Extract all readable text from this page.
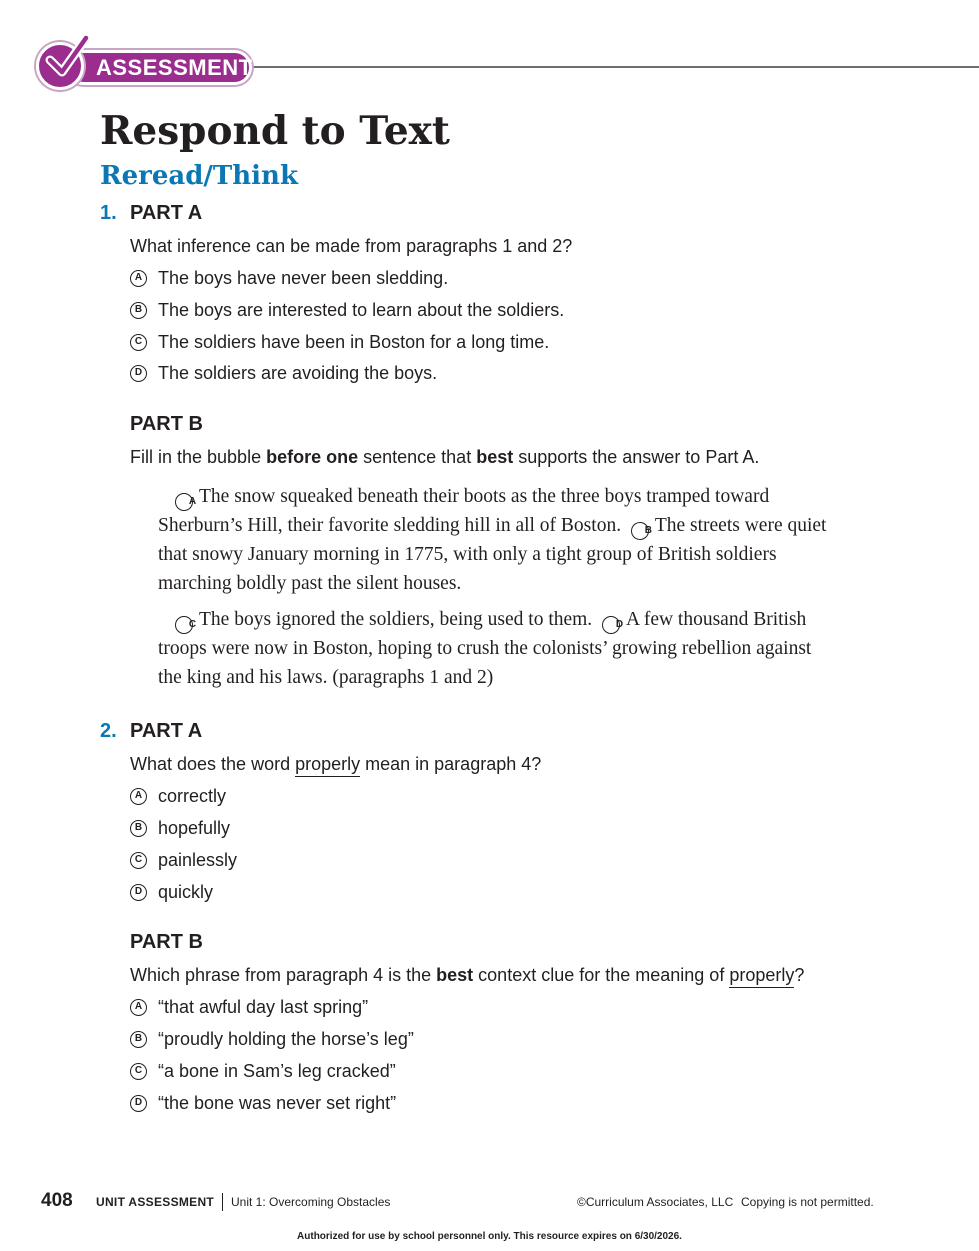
ASSESSMENT
Respond to Text
Reread/Think
1. PART A
What inference can be made from paragraphs 1 and 2?
A The boys have never been sledding.
B The boys are interested to learn about the soldiers.
C The soldiers have been in Boston for a long time.
D The soldiers are avoiding the boys.
PART B
Fill in the bubble before one sentence that best supports the answer to Part A.
A The snow squeaked beneath their boots as the three boys tramped toward Sherburn’s Hill, their favorite sledding hill in all of Boston. B The streets were quiet that snowy January morning in 1775, with only a tight group of British soldiers marching boldly past the silent houses.
C The boys ignored the soldiers, being used to them. D A few thousand British troops were now in Boston, hoping to crush the colonists’ growing rebellion against the king and his laws. (paragraphs 1 and 2)
2. PART A
What does the word properly mean in paragraph 4?
A correctly
B hopefully
C painlessly
D quickly
PART B
Which phrase from paragraph 4 is the best context clue for the meaning of properly?
A “that awful day last spring”
B “proudly holding the horse’s leg”
C “a bone in Sam’s leg cracked”
D “the bone was never set right”
408 UNIT ASSESSMENT Unit 1: Overcoming Obstacles	©Curriculum Associates, LLC Copying is not permitted.
Authorized for use by school personnel only. This resource expires on 6/30/2026.
